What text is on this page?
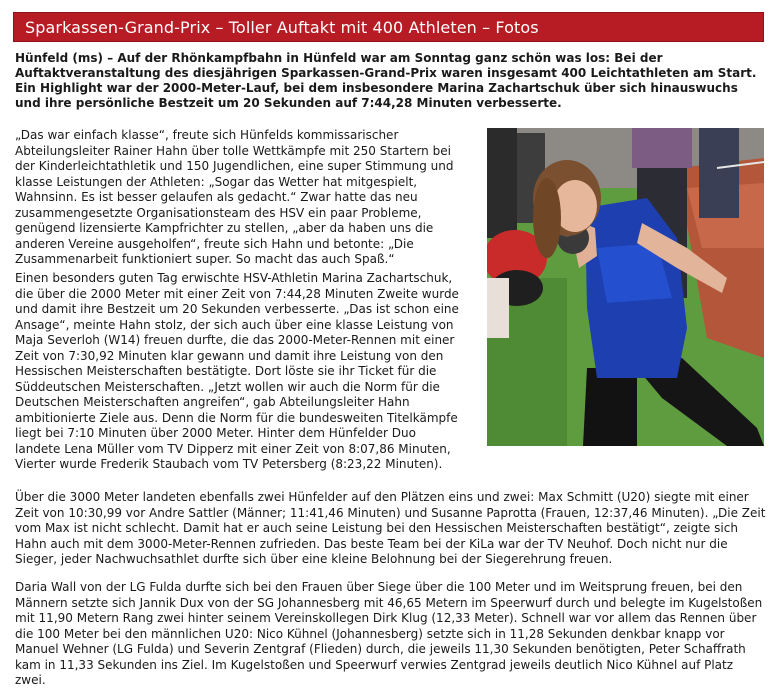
Sparkassen-Grand-Prix – Toller Auftakt mit 400 Athleten – Fotos

Hünfeld (ms) – Auf der Rhönkampfbahn in Hünfeld war am Sonntag ganz schön was los: Bei der Auftaktveranstaltung des diesjährigen Sparkassen-Grand-Prix waren insgesamt 400 Leichtathleten am Start. Ein Highlight war der 2000-Meter-Lauf, bei dem insbesondere Marina Zachartschuk über sich hinauswuchs und ihre persönliche Bestzeit um 20 Sekunden auf 7:44,28 Minuten verbesserte.

„Das war einfach klasse“, freute sich Hünfelds kommissarischer Abteilungsleiter Rainer Hahn über tolle Wettkämpfe mit 250 Startern bei der Kinderleichtathletik und 150 Jugendlichen, eine super Stimmung und klasse Leistungen der Athleten: „Sogar das Wetter hat mitgespielt, Wahnsinn. Es ist besser gelaufen als gedacht.“ Zwar hatte das neu zusammengesetzte Organisationsteam des HSV ein paar Probleme, genügend lizensierte Kampfrichter zu stellen, „aber da haben uns die anderen Vereine ausgeholfen“, freute sich Hahn und betonte: „Die Zusammenarbeit funktioniert super. So macht das auch Spaß.“

Einen besonders guten Tag erwischte HSV-Athletin Marina Zachartschuk, die über die 2000 Meter mit einer Zeit von 7:44,28 Minuten Zweite wurde und damit ihre Bestzeit um 20 Sekunden verbesserte. „Das ist schon eine Ansage“, meinte Hahn stolz, der sich auch über eine klasse Leistung von Maja Severloh (W14) freuen durfte, die das 2000-Meter-Rennen mit einer Zeit von 7:30,92 Minuten klar gewann und damit ihre Leistung von den Hessischen Meisterschaften bestätigte. Dort löste sie ihr Ticket für die Süddeutschen Meisterschaften. „Jetzt wollen wir auch die Norm für die Deutschen Meisterschaften angreifen“, gab Abteilungsleiter Hahn ambitionierte Ziele aus. Denn die Norm für die bundesweiten Titelkämpfe liegt bei 7:10 Minuten über 2000 Meter. Hinter dem Hünfelder Duo landete Lena Müller vom TV Dipperz mit einer Zeit von 8:07,86 Minuten, Vierter wurde Frederik Staubach vom TV Petersberg (8:23,22 Minuten).

Über die 3000 Meter landeten ebenfalls zwei Hünfelder auf den Plätzen eins und zwei: Max Schmitt (U20) siegte mit einer Zeit von 10:30,99 vor Andre Sattler (Männer; 11:41,46 Minuten) und Susanne Paprotta (Frauen, 12:37,46 Minuten). „Die Zeit vom Max ist nicht schlecht. Damit hat er auch seine Leistung bei den Hessischen Meisterschaften bestätigt“, zeigte sich Hahn auch mit dem 3000-Meter-Rennen zufrieden. Das beste Team bei der KiLa war der TV Neuhof. Doch nicht nur die Sieger, jeder Nachwuchsathlet durfte sich über eine kleine Belohnung bei der Siegerehrung freuen.

Daria Wall von der LG Fulda durfte sich bei den Frauen über Siege über die 100 Meter und im Weitsprung freuen, bei den Männern setzte sich Jannik Dux von der SG Johannesberg mit 46,65 Metern im Speerwurf durch und belegte im Kugelstoßen mit 11,90 Metern Rang zwei hinter seinem Vereinskollegen Dirk Klug (12,33 Meter). Schnell war vor allem das Rennen über die 100 Meter bei den männlichen U20: Nico Kühnel (Johannesberg) setzte sich in 11,28 Sekunden denkbar knapp vor Manuel Wehner (LG Fulda) und Severin Zentgraf (Flieden) durch, die jeweils 11,30 Sekunden benötigten, Peter Schaffrath kam in 11,33 Sekunden ins Ziel. Im Kugelstoßen und Speerwurf verwies Zentgrad jeweils deutlich Nico Kühnel auf Platz zwei.
